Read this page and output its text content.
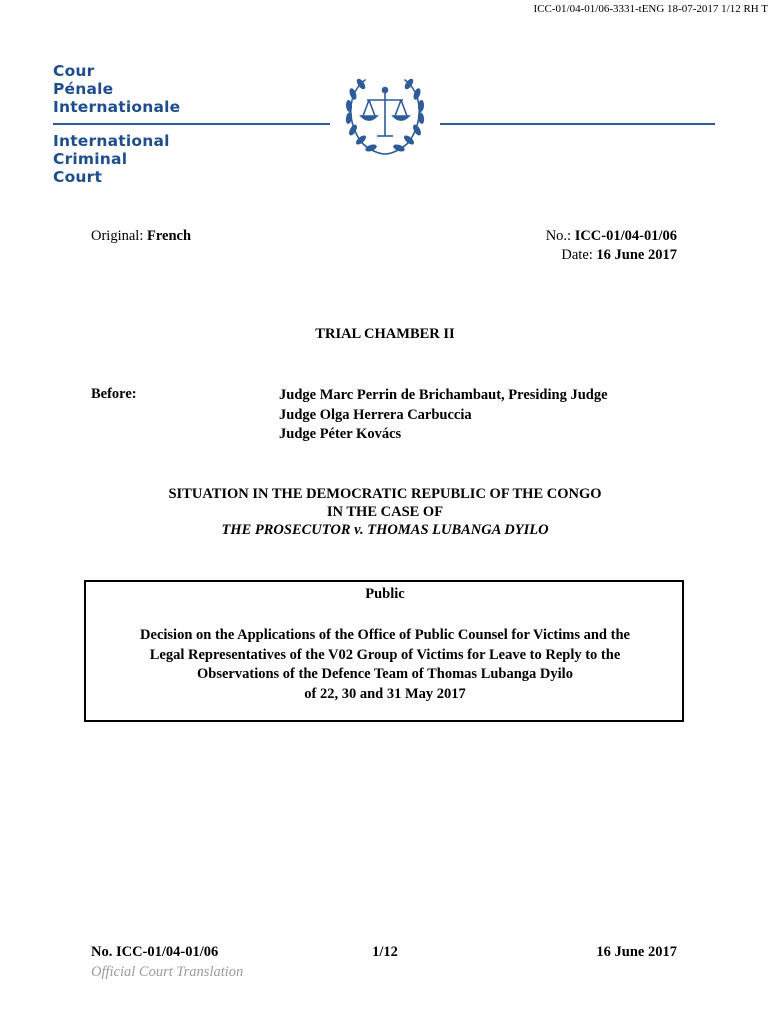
ICC-01/04-01/06-3331-tENG 18-07-2017 1/12 RH T
Cour
Pénale
Internationale
International
Criminal
Court
Original: French	No.: ICC-01/04-01/06
Date: 16 June 2017
TRIAL CHAMBER II
Before:	Judge Marc Perrin de Brichambaut, Presiding Judge
Judge Olga Herrera Carbuccia
Judge Péter Kovács
SITUATION IN THE DEMOCRATIC REPUBLIC OF THE CONGO
IN THE CASE OF
THE PROSECUTOR v. THOMAS LUBANGA DYILO
Public
Decision on the Applications of the Office of Public Counsel for Victims and the
Legal Representatives of the V02 Group of Victims for Leave to Reply to the
Observations of the Defence Team of Thomas Lubanga Dyilo
of 22, 30 and 31 May 2017
No. ICC-01/04-01/06	1/12	16 June 2017
Official Court Translation
